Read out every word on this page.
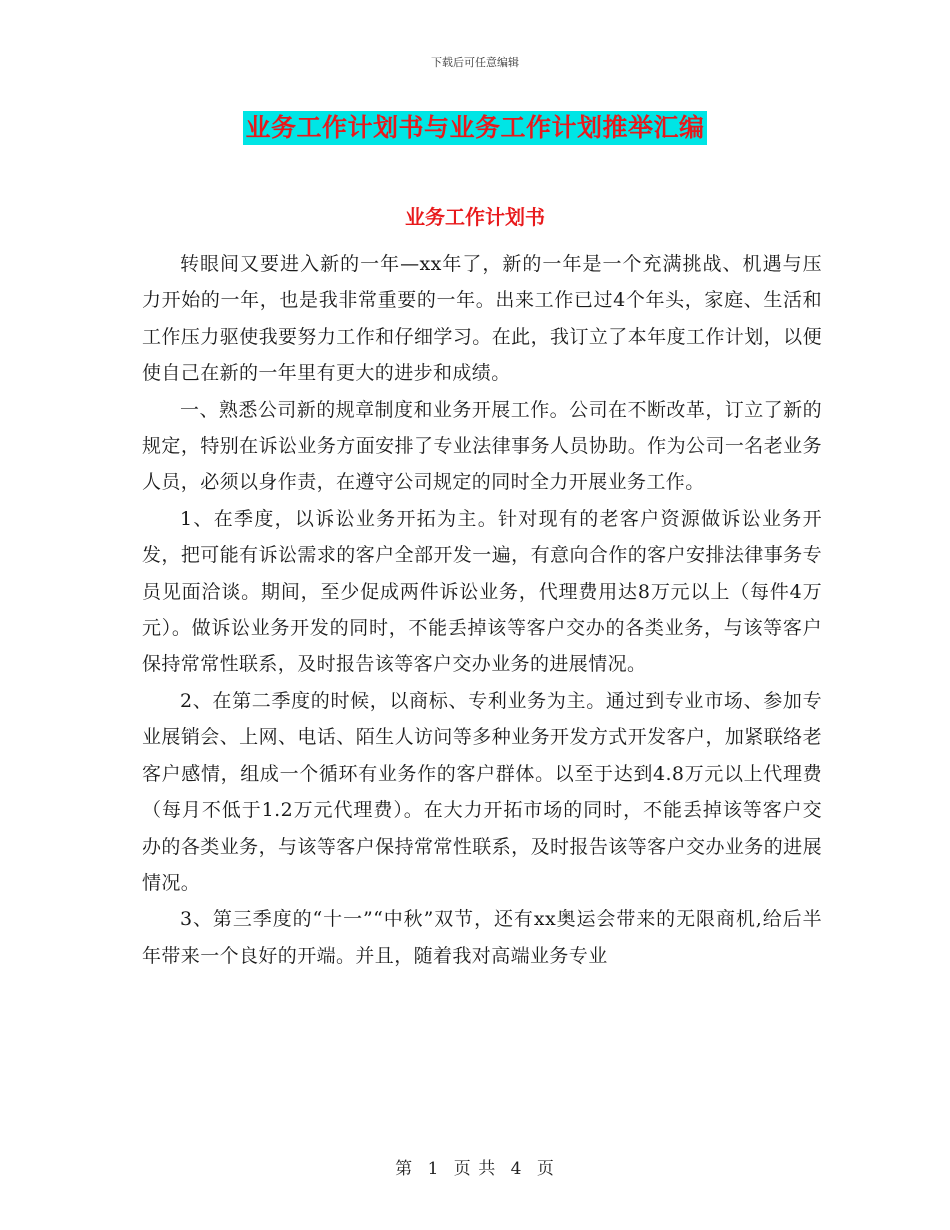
下载后可任意编辑
业务工作计划书与业务工作计划推举汇编
业务工作计划书

转眼间又要进入新的一年—xx年了，新的一年是一个充满挑战、机遇与压力开始的一年，也是我非常重要的一年。出来工作已过4个年头，家庭、生活和工作压力驱使我要努力工作和仔细学习。在此，我订立了本年度工作计划，以便使自己在新的一年里有更大的进步和成绩。

一、熟悉公司新的规章制度和业务开展工作。公司在不断改革，订立了新的规定，特别在诉讼业务方面安排了专业法律事务人员协助。作为公司一名老业务人员，必须以身作责，在遵守公司规定的同时全力开展业务工作。

1、在季度，以诉讼业务开拓为主。针对现有的老客户资源做诉讼业务开发，把可能有诉讼需求的客户全部开发一遍，有意向合作的客户安排法律事务专员见面洽谈。期间，至少促成两件诉讼业务，代理费用达8万元以上（每件4万元）。做诉讼业务开发的同时，不能丢掉该等客户交办的各类业务，与该等客户保持常常性联系，及时报告该等客户交办业务的进展情况。

2、在第二季度的时候，以商标、专利业务为主。通过到专业市场、参加专业展销会、上网、电话、陌生人访问等多种业务开发方式开发客户，加紧联络老客户感情，组成一个循环有业务作的客户群体。以至于达到4.8万元以上代理费（每月不低于1.2万元代理费）。在大力开拓市场的同时，不能丢掉该等客户交办的各类业务，与该等客户保持常常性联系，及时报告该等客户交办业务的进展情况。

3、第三季度的“十一”“中秋”双节，还有xx奥运会带来的无限商机,给后半年带来一个良好的开端。并且，随着我对高端业务专业

第 1 页 共 4 页
